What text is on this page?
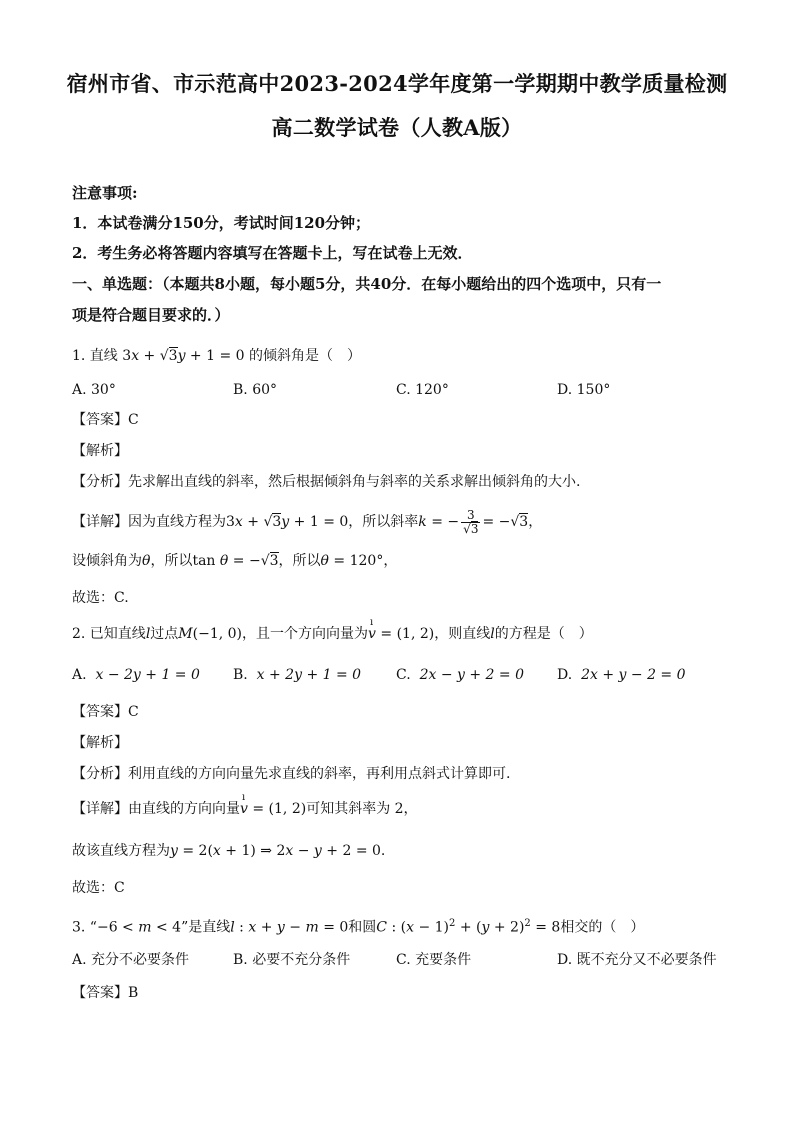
宿州市省、市示范高中2023-2024学年度第一学期期中教学质量检测
高二数学试卷（人教A版）
注意事项:
1．本试卷满分150分，考试时间120分钟；
2．考生务必将答题内容填写在答题卡上，写在试卷上无效．
一、单选题：（本题共8小题，每小题5分，共40分．在每小题给出的四个选项中，只有一
项是符合题目要求的．）
1. 直线 3x + √3y + 1 = 0 的倾斜角是（　）
A. 30°	B. 60°	C. 120°	D. 150°
【答案】C
【解析】
【分析】先求解出直线的斜率，然后根据倾斜角与斜率的关系求解出倾斜角的大小.
【详解】因为直线方程为3x + √3y + 1 = 0，所以斜率k = − $\frac{3}{√3} = -√3$，
设倾斜角为θ，所以tan θ = −√3，所以θ = 120°，
故选：C.
2. 已知直线l过点M(−1, 0)，且一个方向向量为ı v = (1, 2)，则直线l的方程是（　）
A. x − 2y + 1 = 0 B. x + 2y + 1 = 0 C. 2x − y + 2 = 0 D. 2x + y − 2 = 0
【答案】C
【解析】
【分析】利用直线的方向向量先求直线的斜率，再利用点斜式计算即可.
【详解】由直线的方向向量ı v = (1, 2)可知其斜率为 2，
故该直线方程为y = 2(x + 1) ⇒ 2x − y + 2 = 0.
故选：C
3. “−6 < m < 4”是直线l : x + y − m = 0和圆C : $(x - 1)^2 + (y + 2)^2 = 8$相交的（　）
A. 充分不必要条件	B. 必要不充分条件	C. 充要条件	D. 既不充分又不必要条件
【答案】B
